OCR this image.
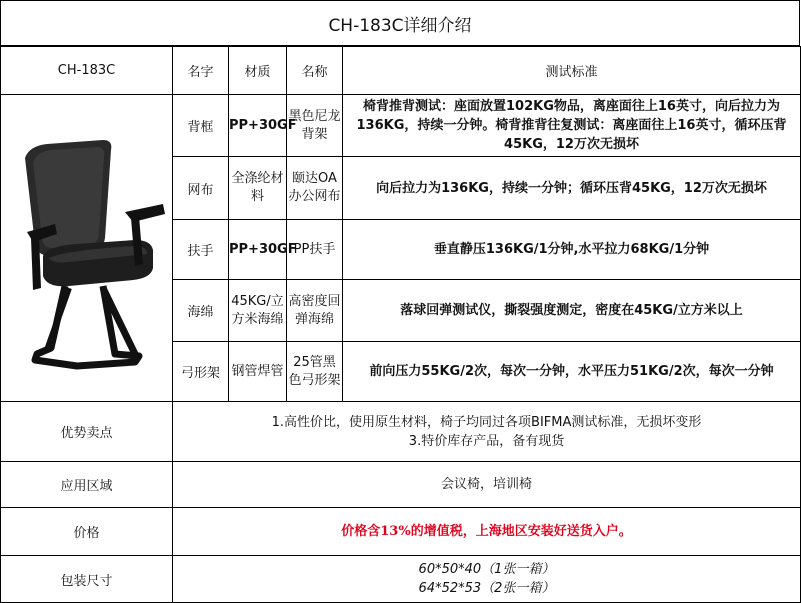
CH-183C详细介绍
CH-183C	名字	材质	名称	测试标准

	背框	PP+30GF	黑色尼龙背架	椅背推背测试：座面放置102KG物品，离座面往上16英寸，向后拉力为136KG，持续一分钟。椅背推背往复测试：离座面往上16英寸，循环压背45KG，12万次无损坏
	网布	全涤纶材料	颐达OA办公网布	向后拉力为136KG，持续一分钟；循环压背45KG，12万次无损坏
	扶手	PP+30GF	PP扶手	垂直静压136KG/1分钟,水平拉力68KG/1分钟
	海绵	45KG/立方米海绵	高密度回弹海绵	落球回弹测试仪，撕裂强度测定，密度在45KG/立方米以上
	弓形架	钢管焊管	25管黑色弓形架	前向压力55KG/2次，每次一分钟，水平压力51KG/2次，每次一分钟
优势卖点	1.高性价比，使用原生材料，椅子均同过各项BIFMA测试标准，无损坏变形
3.特价库存产品，备有现货			

应用区域	会议椅，培训椅			
价格	价格含13%的增值税，上海地区安装好送货入户。			
包装尺寸	60*50*40（1张一箱）
64*52*53（2张一箱）			
